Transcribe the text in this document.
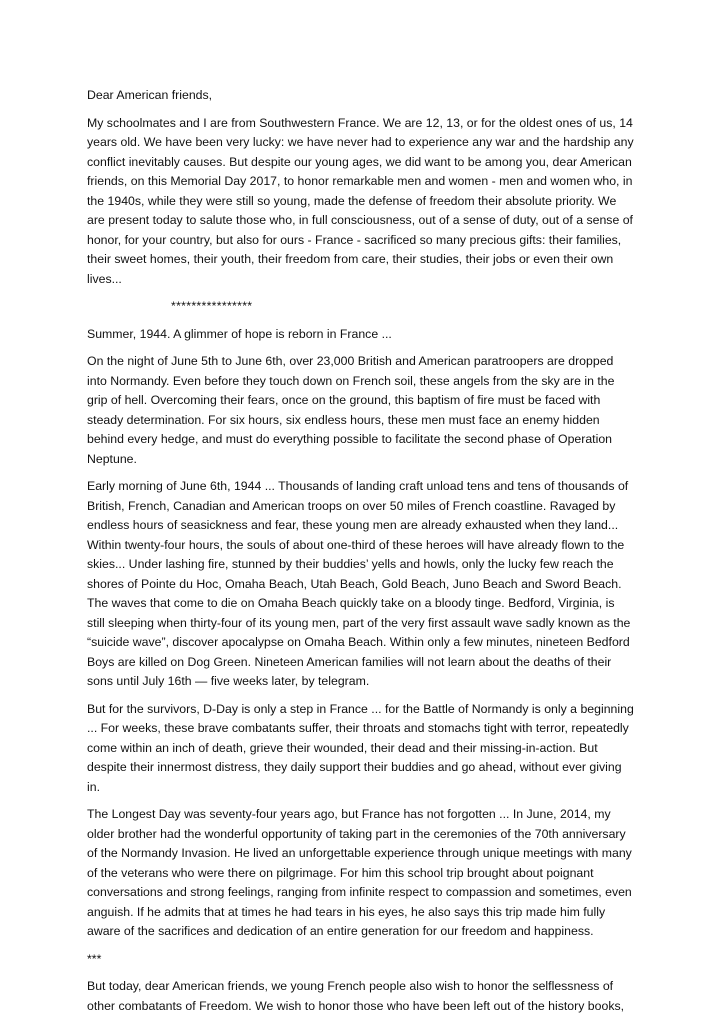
Dear American friends,

My schoolmates and I are from Southwestern France. We are 12, 13, or for the oldest ones of us, 14 years old. We have been very lucky: we have never had to experience any war and the hardship any conflict inevitably causes. But despite our young ages, we did want to be among you, dear American friends, on this Memorial Day 2017, to honor remarkable men and women - men and women who, in the 1940s, while they were still so young, made the defense of freedom their absolute priority. We are present today to salute those who, in full consciousness, out of a sense of duty, out of a sense of honor, for your country, but also for ours - France - sacrificed so many precious gifts: their families, their sweet homes, their youth, their freedom from care, their studies, their jobs or even their own lives...

****************

Summer, 1944. A glimmer of hope is reborn in France ...

On the night of June 5th to June 6th, over 23,000 British and American paratroopers are dropped into Normandy. Even before they touch down on French soil, these angels from the sky are in the grip of hell. Overcoming their fears, once on the ground, this baptism of fire must be faced with steady determination. For six hours, six endless hours, these men must face an enemy hidden behind every hedge, and must do everything possible to facilitate the second phase of Operation Neptune.

Early morning of June 6th, 1944 ... Thousands of landing craft unload tens and tens of thousands of British, French, Canadian and American troops on over 50 miles of French coastline. Ravaged by endless hours of seasickness and fear, these young men are already exhausted when they land... Within twenty-four hours, the souls of about one-third of these heroes will have already flown to the skies... Under lashing fire, stunned by their buddies’ yells and howls, only the lucky few reach the shores of Pointe du Hoc, Omaha Beach, Utah Beach, Gold Beach, Juno Beach and Sword Beach. The waves that come to die on Omaha Beach quickly take on a bloody tinge. Bedford, Virginia, is still sleeping when thirty-four of its young men, part of the very first assault wave sadly known as the “suicide wave”, discover apocalypse on Omaha Beach. Within only a few minutes, nineteen Bedford Boys are killed on Dog Green. Nineteen American families will not learn about the deaths of their sons until July 16th — five weeks later, by telegram.

But for the survivors, D-Day is only a step in France ... for the Battle of Normandy is only a beginning ... For weeks, these brave combatants suffer, their throats and stomachs tight with terror, repeatedly come within an inch of death, grieve their wounded, their dead and their missing-in-action. But despite their innermost distress, they daily support their buddies and go ahead, without ever giving in.

The Longest Day was seventy-four years ago, but France has not forgotten ... In June, 2014, my older brother had the wonderful opportunity of taking part in the ceremonies of the 70th anniversary of the Normandy Invasion. He lived an unforgettable experience through unique meetings with many of the veterans who were there on pilgrimage. For him this school trip brought about poignant conversations and strong feelings, ranging from infinite respect to compassion and sometimes, even anguish. If he admits that at times he had tears in his eyes, he also says this trip made him fully aware of the sacrifices and dedication of an entire generation for our freedom and happiness.

***

But today, dear American friends, we young French people also wish to honor the selflessness of other combatants of Freedom. We wish to honor those who have been left out of the history books,
